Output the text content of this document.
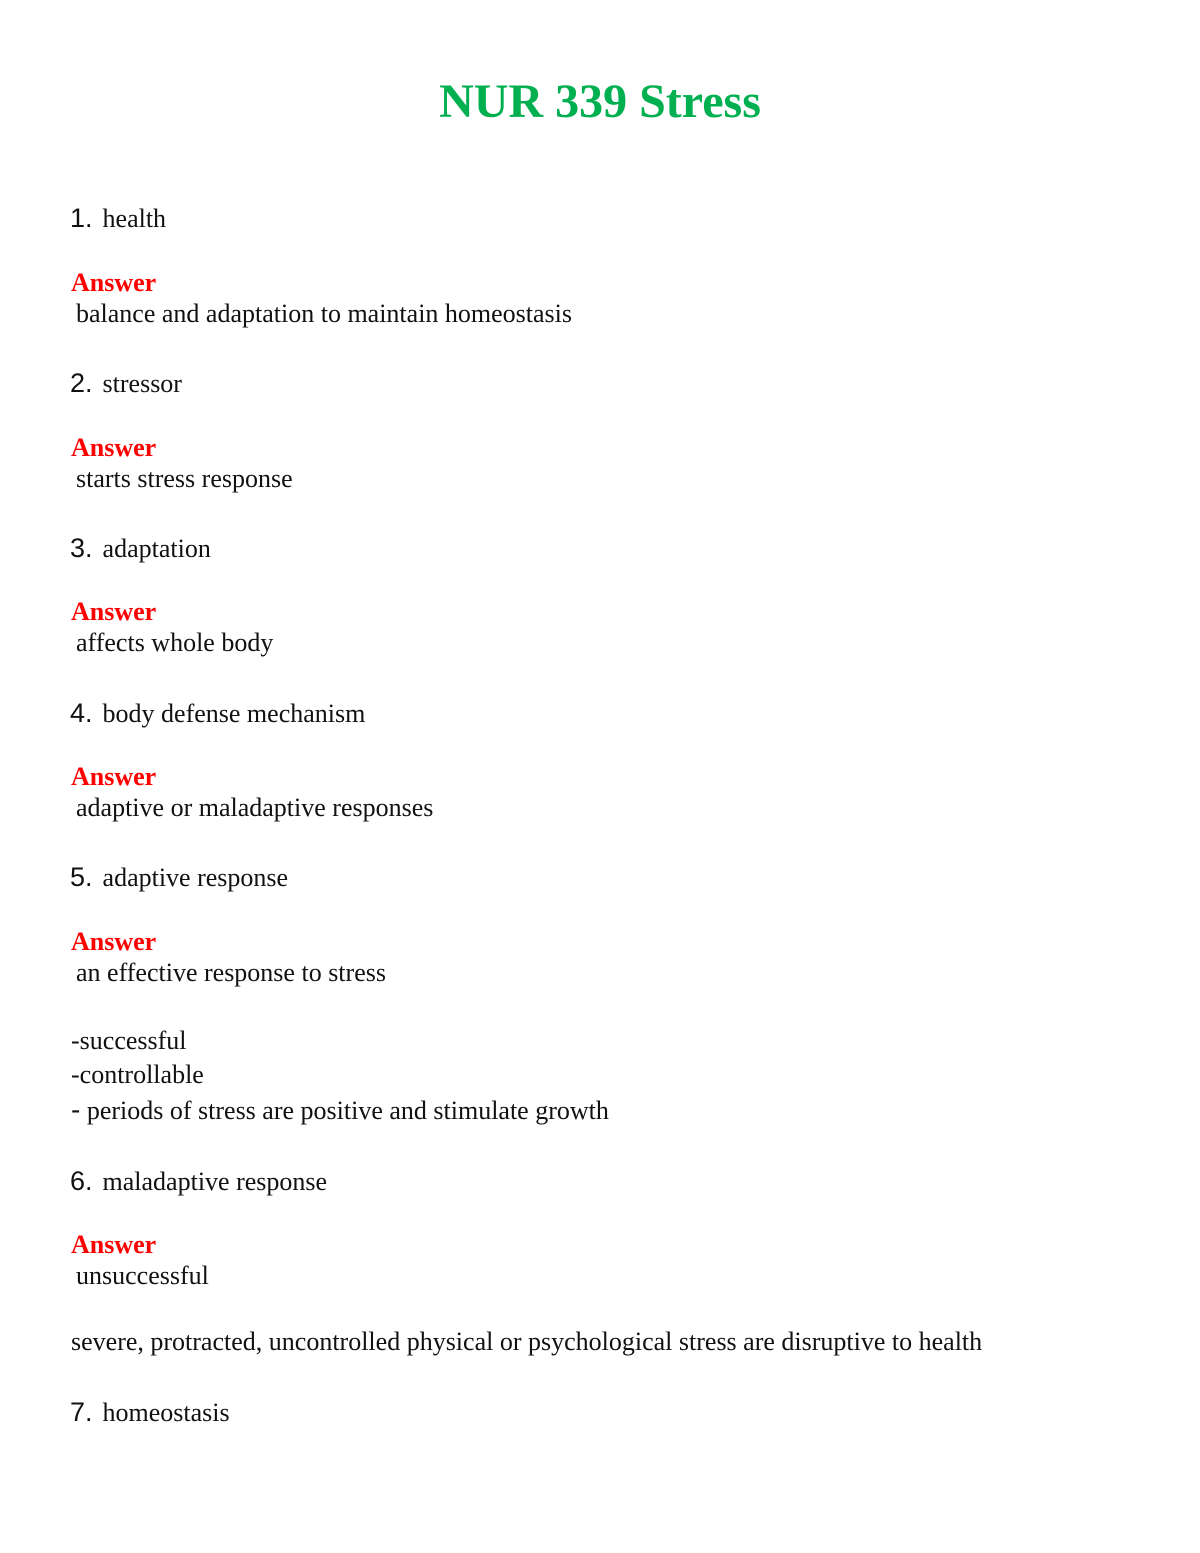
NUR 339 Stress
1. health
Answer
balance and adaptation to maintain homeostasis
2. stressor
Answer
starts stress response
3. adaptation
Answer
affects whole body
4. body defense mechanism
Answer
adaptive or maladaptive responses
5. adaptive response
Answer
an effective response to stress
-successful
-controllable
- periods of stress are positive and stimulate growth
6. maladaptive response
Answer
unsuccessful
severe, protracted, uncontrolled physical or psychological stress are disruptive to health
7. homeostasis
